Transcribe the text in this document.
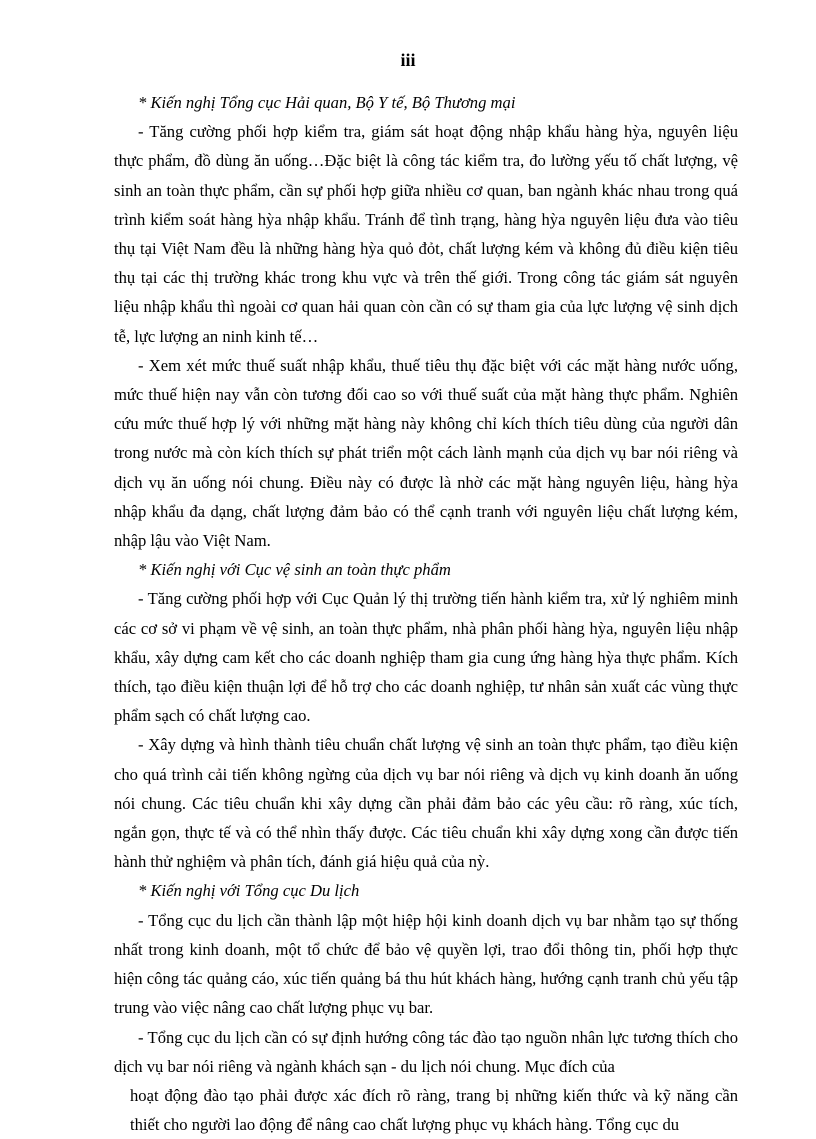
iii

* Kiến nghị Tổng cục Hải quan, Bộ Y tế, Bộ Thương mại

- Tăng cường phối hợp kiểm tra, giám sát hoạt động nhập khẩu hàng hỳa, nguyên liệu thực phẩm, đồ dùng ăn uống…Đặc biệt là công tác kiểm tra, đo lường yếu tố chất lượng, vệ sinh an toàn thực phẩm, cần sự phối hợp giữa nhiều cơ quan, ban ngành khác nhau trong quá trình kiểm soát hàng hỳa nhập khẩu. Tránh để tình trạng, hàng hỳa nguyên liệu đưa vào tiêu thụ tại Việt Nam đều là những hàng hỳa quỏ đỏt, chất lượng kém và không đủ điều kiện tiêu thụ tại các thị trường khác trong khu vực và trên thế giới. Trong công tác giám sát nguyên liệu nhập khẩu thì ngoài cơ quan hải quan còn cần có sự tham gia của lực lượng vệ sinh dịch tễ, lực lượng an ninh kinh tế…

- Xem xét mức thuế suất nhập khẩu, thuế tiêu thụ đặc biệt với các mặt hàng nước uống, mức thuế hiện nay vẫn còn tương đối cao so với thuế suất của mặt hàng thực phẩm. Nghiên cứu mức thuế hợp lý với những mặt hàng này không chỉ kích thích tiêu dùng của người dân trong nước mà còn kích thích sự phát triển một cách lành mạnh của dịch vụ bar nói riêng và dịch vụ ăn uống nói chung. Điều này có được là nhờ các mặt hàng nguyên liệu, hàng hỳa nhập khẩu đa dạng, chất lượng đảm bảo có thể cạnh tranh với nguyên liệu chất lượng kém, nhập lậu vào Việt Nam.

* Kiến nghị với Cục vệ sinh an toàn thực phẩm

- Tăng cường phối hợp với Cục Quản lý thị trường tiến hành kiểm tra, xử lý nghiêm minh các cơ sở vi phạm về vệ sinh, an toàn thực phẩm, nhà phân phối hàng hỳa, nguyên liệu nhập khẩu, xây dựng cam kết cho các doanh nghiệp tham gia cung ứng hàng hỳa thực phẩm. Kích thích, tạo điều kiện thuận lợi để hỗ trợ cho các doanh nghiệp, tư nhân sản xuất các vùng thực phẩm sạch có chất lượng cao.

- Xây dựng và hình thành tiêu chuẩn chất lượng vệ sinh an toàn thực phẩm, tạo điều kiện cho quá trình cải tiến không ngừng của dịch vụ bar nói riêng và dịch vụ kinh doanh ăn uống nói chung. Các tiêu chuẩn khi xây dựng cần phải đảm bảo các yêu cầu: rõ ràng, xúc tích, ngắn gọn, thực tế và có thể nhìn thấy được. Các tiêu chuẩn khi xây dựng xong cần được tiến hành thử nghiệm và phân tích, đánh giá hiệu quả của nỳ.

* Kiến nghị với Tổng cục Du lịch

- Tổng cục du lịch cần thành lập một hiệp hội kinh doanh dịch vụ bar nhằm tạo sự thống nhất trong kinh doanh, một tổ chức để bảo vệ quyền lợi, trao đổi thông tin, phối hợp thực hiện công tác quảng cáo, xúc tiến quảng bá thu hút khách hàng, hướng cạnh tranh chủ yếu tập trung vào việc nâng cao chất lượng phục vụ bar.

- Tổng cục du lịch cần có sự định hướng công tác đào tạo nguồn nhân lực tương thích cho dịch vụ bar nói riêng và ngành khách sạn - du lịch nói chung. Mục đích của

hoạt động đào tạo phải được xác đích rõ ràng, trang bị những kiến thức và kỹ năng cần thiết cho người lao động để nâng cao chất lượng phục vụ khách hàng. Tổng cục du
